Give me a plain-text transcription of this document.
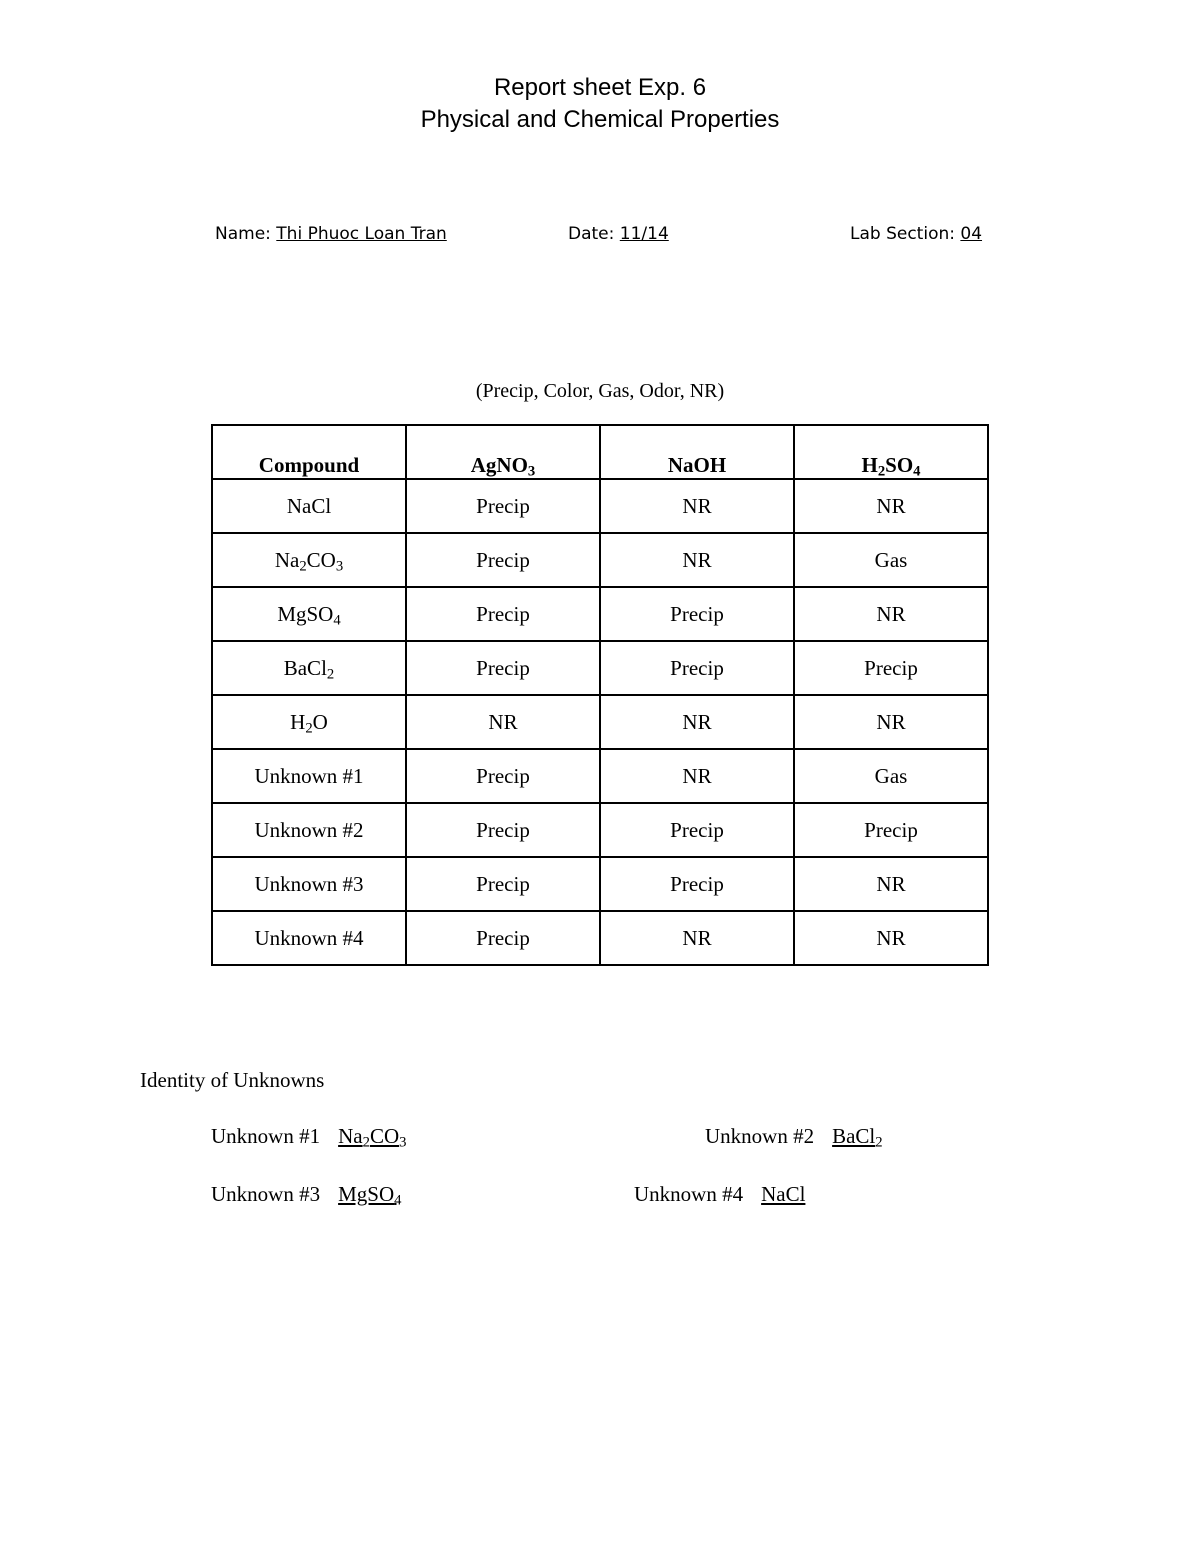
Report sheet Exp. 6
Physical and Chemical Properties
Name: Thi Phuoc Loan Tran	Date: 11/14	Lab Section: 04
(Precip, Color, Gas, Odor, NR)
Compound	AgNO$_3$	NaOH	$H_2SO_4$
NaCl	Precip	NR	NR
$Na_2CO_3$	Precip	NR	Gas
MgSO$_4$	Precip	Precip	NR
BaCl$_2$	Precip	Precip	Precip
$H_2O$	NR	NR	NR
Unknown #1	Precip	NR	Gas
Unknown #2	Precip	Precip	Precip
Unknown #3	Precip	Precip	NR
Unknown #4	Precip	NR	NR
Identity of Unknowns
Unknown #1 $Na_2CO_3$	Unknown #2 BaCl$_2$
Unknown #3 MgSO$_4$	Unknown #4 NaCl
